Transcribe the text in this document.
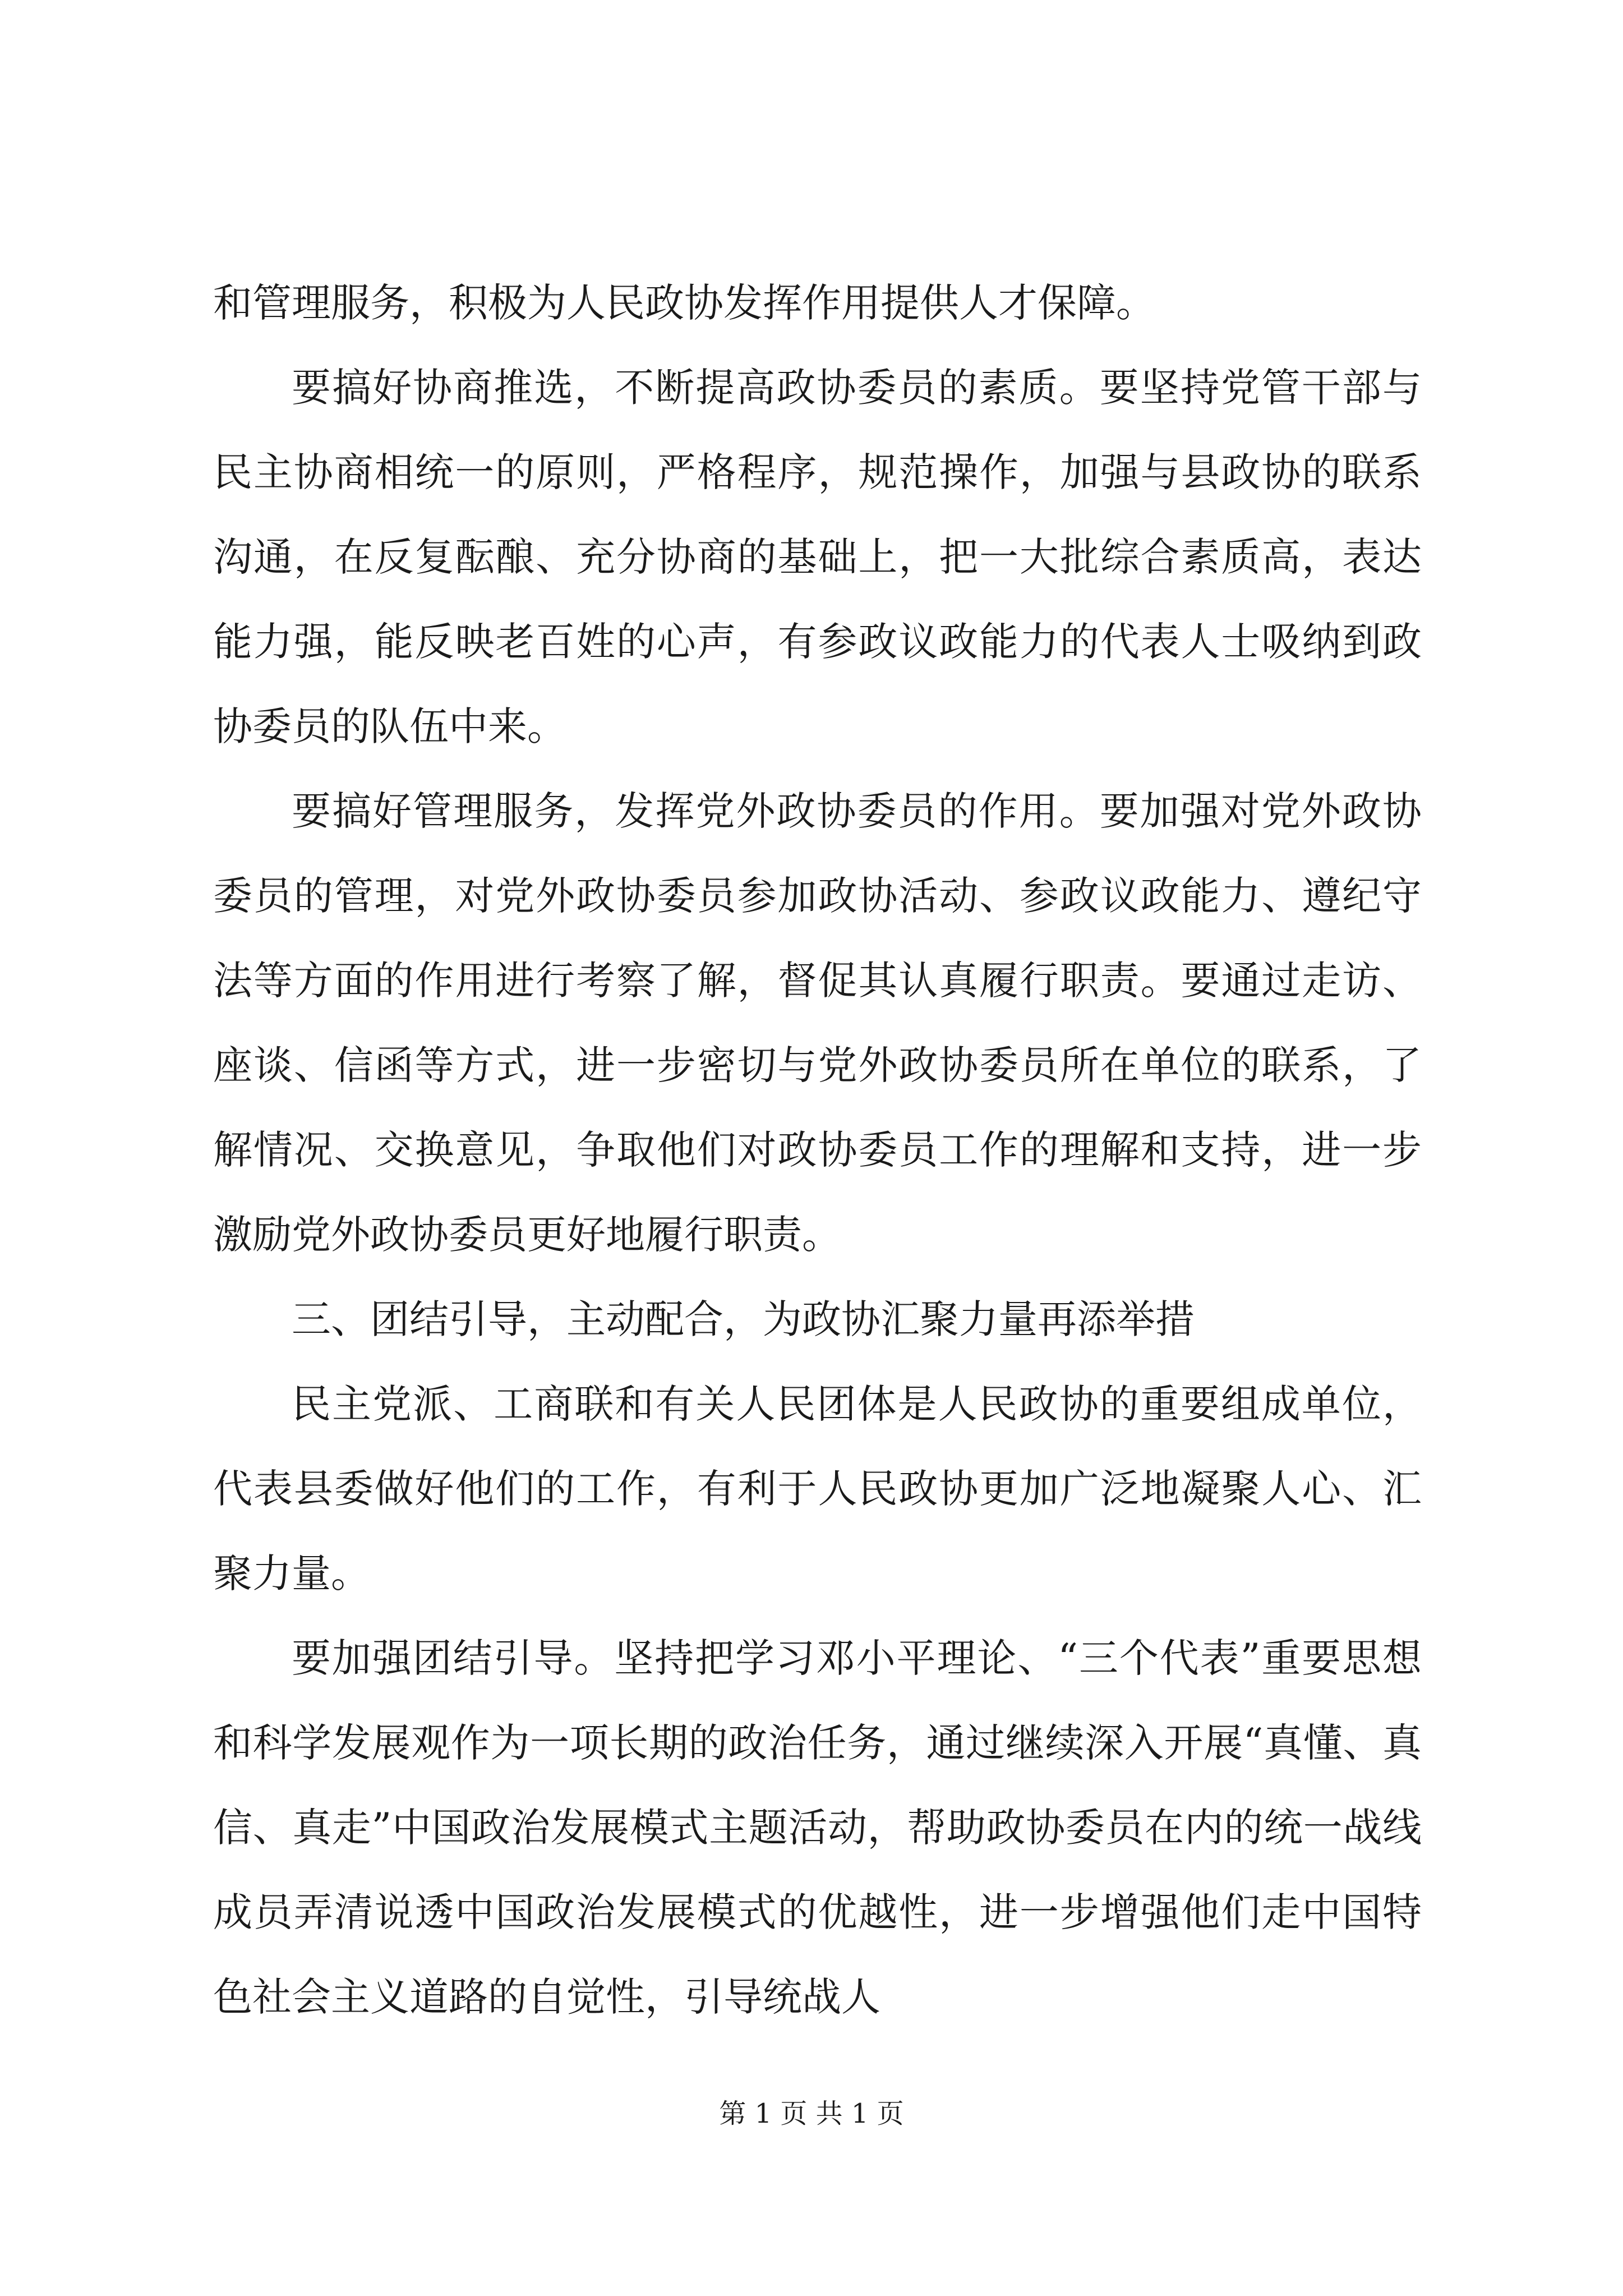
和管理服务，积极为人民政协发挥作用提供人才保障。

要搞好协商推选，不断提高政协委员的素质。要坚持党管干部与民主协商相统一的原则，严格程序，规范操作，加强与县政协的联系沟通，在反复酝酿、充分协商的基础上，把一大批综合素质高，表达能力强，能反映老百姓的心声，有参政议政能力的代表人士吸纳到政协委员的队伍中来。

要搞好管理服务，发挥党外政协委员的作用。要加强对党外政协委员的管理，对党外政协委员参加政协活动、参政议政能力、遵纪守法等方面的作用进行考察了解，督促其认真履行职责。要通过走访、座谈、信函等方式，进一步密切与党外政协委员所在单位的联系，了解情况、交换意见，争取他们对政协委员工作的理解和支持，进一步激励党外政协委员更好地履行职责。

三、团结引导，主动配合，为政协汇聚力量再添举措

民主党派、工商联和有关人民团体是人民政协的重要组成单位，代表县委做好他们的工作，有利于人民政协更加广泛地凝聚人心、汇聚力量。

要加强团结引导。坚持把学习邓小平理论、“三个代表”重要思想和科学发展观作为一项长期的政治任务，通过继续深入开展“真懂、真信、真走”中国政治发展模式主题活动，帮助政协委员在内的统一战线成员弄清说透中国政治发展模式的优越性，进一步增强他们走中国特色社会主义道路的自觉性，引导统战人

第 1 页 共 1 页
